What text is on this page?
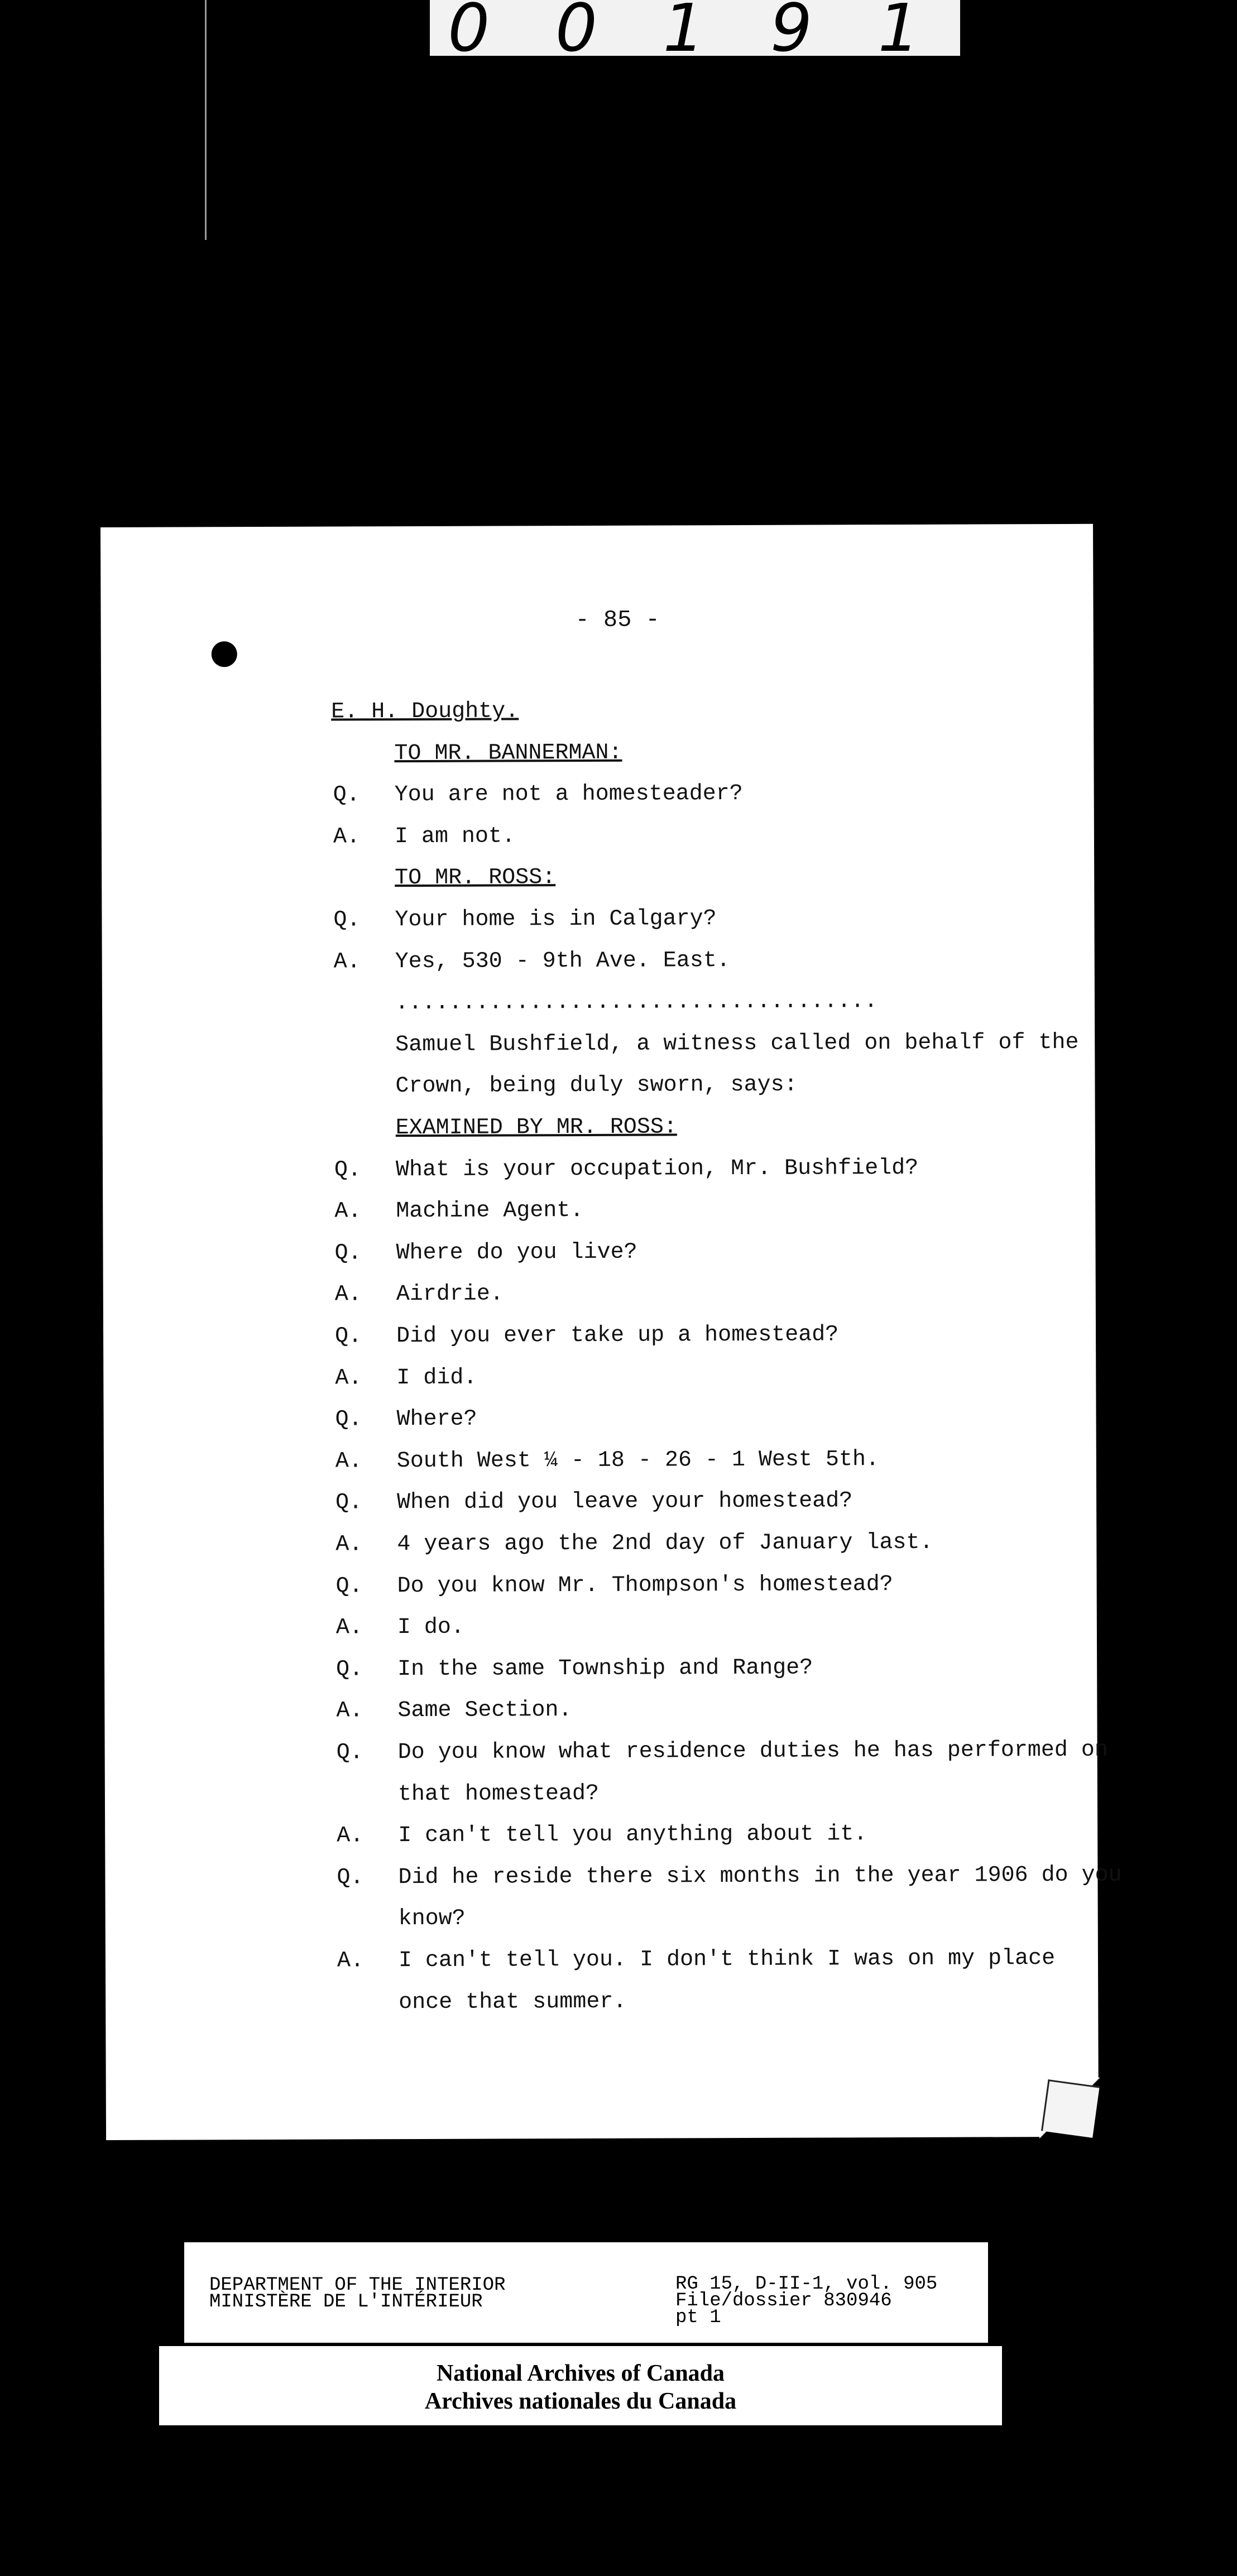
0 0 1 9 1 2
- 85 -
E. H. Doughty.
TO MR. BANNERMAN:
Q. You are not a homesteader?
A. I am not.
TO MR. ROSS:
Q. Your home is in Calgary?
A. Yes, 530 - 9th Ave. East.
....................................
Samuel Bushfield, a witness called on behalf of the
Crown, being duly sworn, says:
EXAMINED BY MR. ROSS:
Q. What is your occupation, Mr. Bushfield?
A. Machine Agent.
Q. Where do you live?
A. Airdrie.
Q. Did you ever take up a homestead?
A. I did.
Q. Where?
A. South West ¼ - 18 - 26 - 1 West 5th.
Q. When did you leave your homestead?
A. 4 years ago the 2nd day of January last.
Q. Do you know Mr. Thompson's homestead?
A. I do.
Q. In the same Township and Range?
A. Same Section.
Q. Do you know what residence duties he has performed on
that homestead?
A. I can't tell you anything about it.
Q. Did he reside there six months in the year 1906 do you
know?
A. I can't tell you. I don't think I was on my place
once that summer.
DEPARTMENT OF THE INTERIOR
MINISTÈRE DE L'INTÉRIEUR
RG 15, D-II-1, vol. 905
File/dossier 830946
pt 1
National Archives of Canada
Archives nationales du Canada
